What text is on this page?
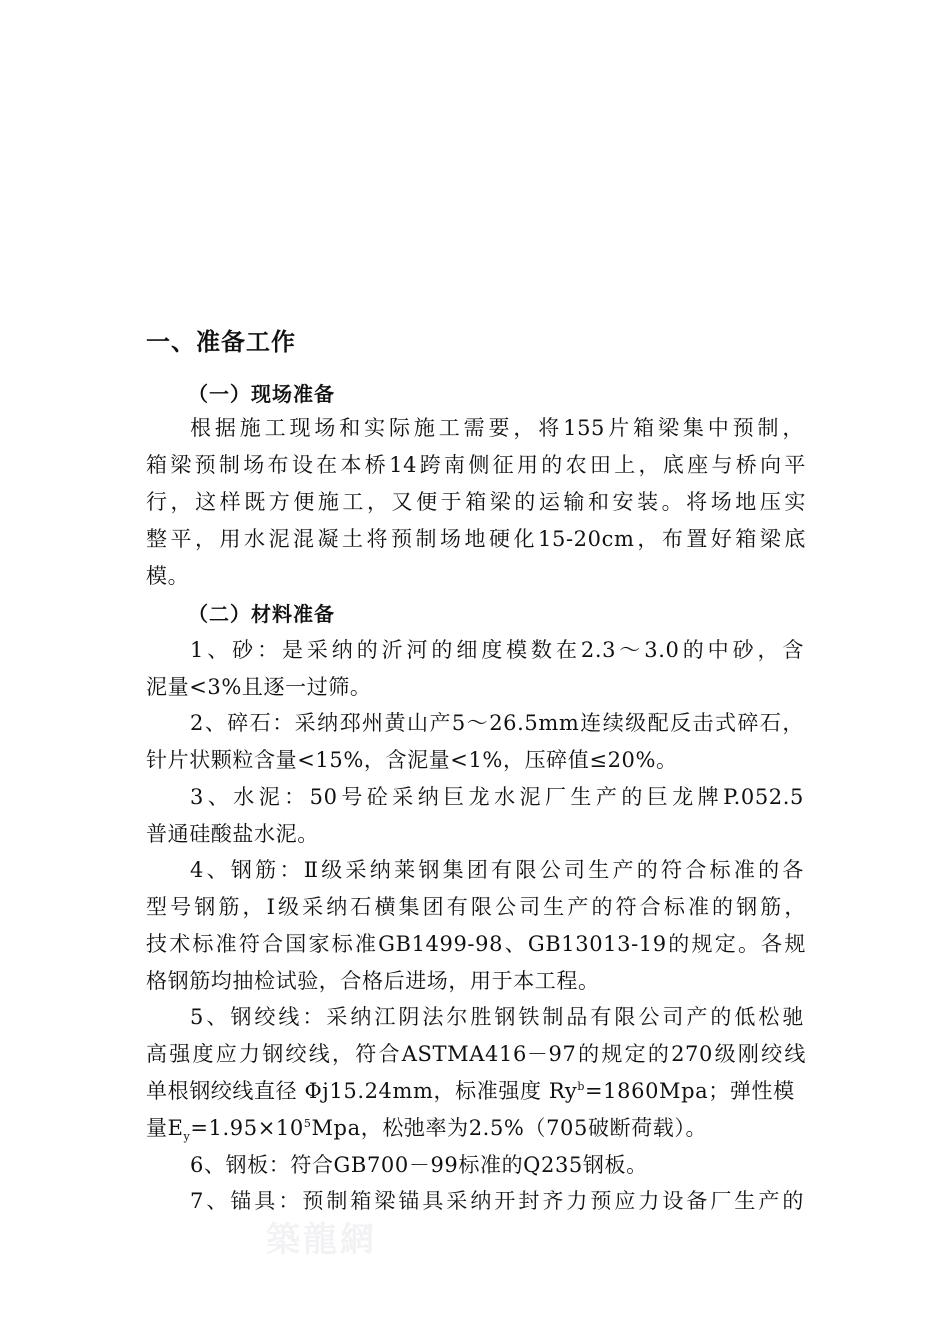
一、准备工作
（一）现场准备
根据施工现场和实际施工需要，将155片箱梁集中预制，
箱梁预制场布设在本桥14跨南侧征用的农田上，底座与桥向平
行，这样既方便施工，又便于箱梁的运输和安装。将场地压实
整平，用水泥混凝土将预制场地硬化15-20cm，布置好箱梁底
模。
（二）材料准备
1、砂：是采纳的沂河的细度模数在2.3～3.0的中砂，含
泥量<3%且逐一过筛。
2、碎石：采纳邳州黄山产5～26.5mm连续级配反击式碎石，
针片状颗粒含量<15%，含泥量<1%，压碎值≤20%。
3、水泥：50号砼采纳巨龙水泥厂生产的巨龙牌P.052.5
普通硅酸盐水泥。
4、钢筋：Ⅱ级采纳莱钢集团有限公司生产的符合标准的各
型号钢筋，Ⅰ级采纳石横集团有限公司生产的符合标准的钢筋，
技术标准符合国家标准GB1499-98、GB13013-19的规定。各规
格钢筋均抽检试验，合格后进场，用于本工程。
5、钢绞线：采纳江阴法尔胜钢铁制品有限公司产的低松驰
高强度应力钢绞线，符合ASTMA416－97的规定的270级刚绞线
单根钢绞线直径 Φj15.24mm，标准强度 $Ry^b=1860Mpa$；弹性模
量$E_y=1.95\times 10^5Mpa$，松弛率为2.5%（705破断荷载）。
6、钢板：符合GB700－99标准的Q235钢板。
7、锚具：预制箱梁锚具采纳开封齐力预应力设备厂生产的
築龍網
